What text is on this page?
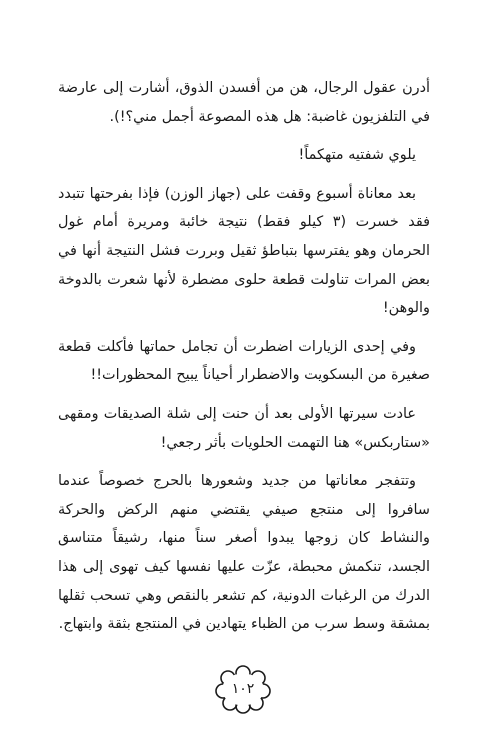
أدرن عقول الرجال، هن من أفسدن الذوق، أشارت إلى عارضة في التلفزيون غاضبة: هل هذه المصوعة أجمل مني؟!).

يلوي شفتيه متهكماً!

بعد معاناة أسبوع وقفت على (جهاز الوزن) فإذا بفرحتها تتبدد فقد خسرت (٣ كيلو فقط) نتيجة خائبة ومريرة أمام غول الحرمان وهو يفترسها بتباطؤ ثقيل وبررت فشل النتيجة أنها في بعض المرات تناولت قطعة حلوى مضطرة لأنها شعرت بالدوخة والوهن!

وفي إحدى الزيارات اضطرت أن تجامل حماتها فأكلت قطعة صغيرة من البسكويت والاضطرار أحياناً يبيح المحظورات!!

عادت سيرتها الأولى بعد أن حنت إلى شلة الصديقات ومقهى «ستاربكس» هنا التهمت الحلويات بأثر رجعي!

وتتفجر معاناتها من جديد وشعورها بالحرج خصوصاً عندما سافروا إلى منتجع صيفي يقتضي منهم الركض والحركة والنشاط كان زوجها يبدوا أصغر سناً منها، رشيقاً متناسق الجسد، تنكمش محبطة، عزّت عليها نفسها كيف تهوى إلى هذا الدرك من الرغبات الدونية، كم تشعر بالنقص وهي تسحب ثقلها بمشقة وسط سرب من الظباء يتهادين في المنتجع بثقة وابتهاج.

١٠٢
